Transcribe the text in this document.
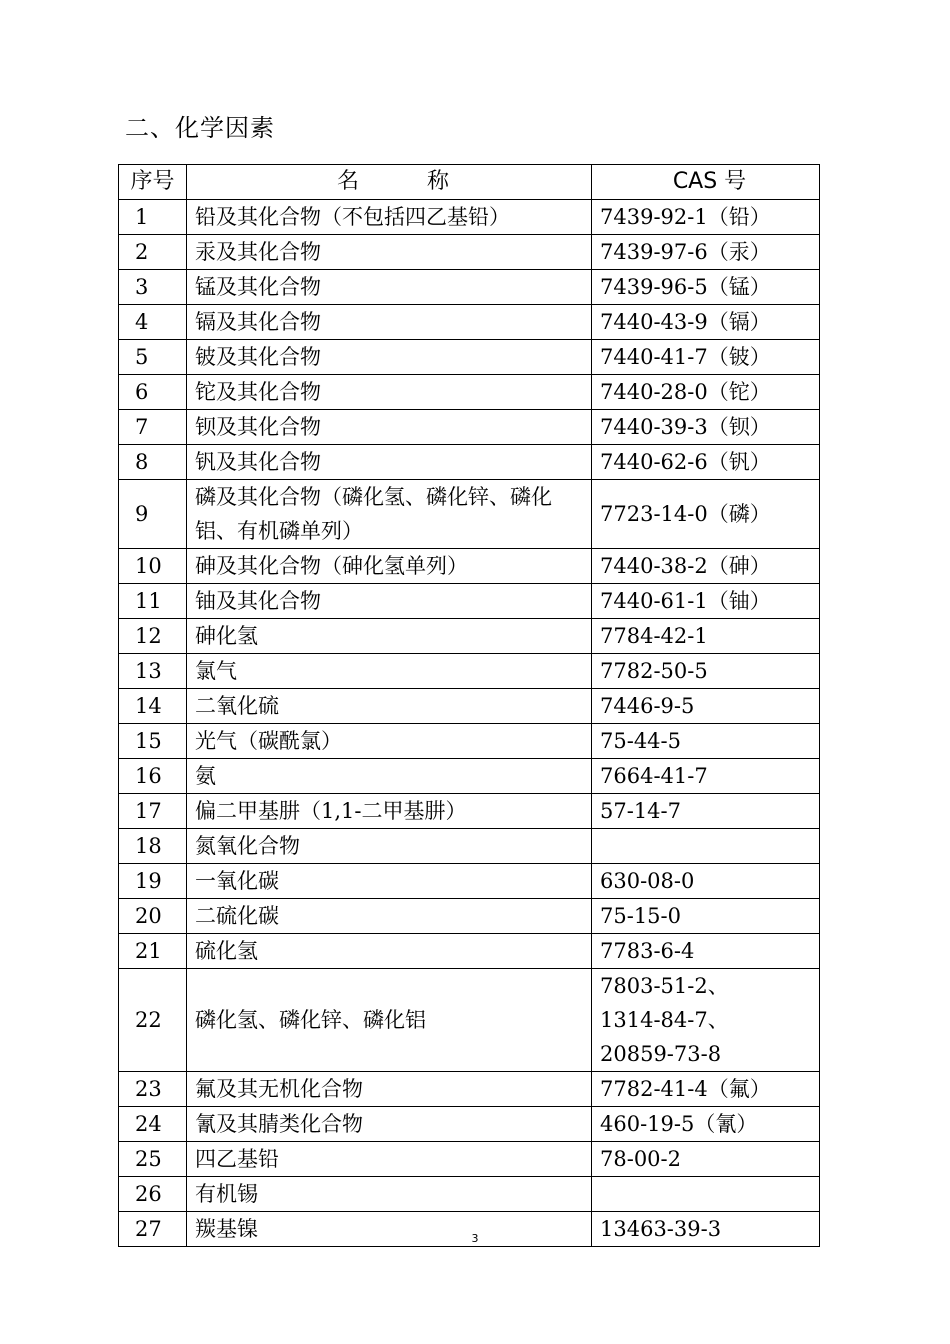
二、化学因素
序号	名 称	CAS 号
1	铅及其化合物（不包括四乙基铅）	7439-92-1（铅）
2	汞及其化合物	7439-97-6（汞）
3	锰及其化合物	7439-96-5（锰）
4	镉及其化合物	7440-43-9（镉）
5	铍及其化合物	7440-41-7（铍）
6	铊及其化合物	7440-28-0（铊）
7	钡及其化合物	7440-39-3（钡）
8	钒及其化合物	7440-62-6（钒）
9	磷及其化合物（磷化氢、磷化锌、磷化铝、有机磷单列）	7723-14-0（磷）
10	砷及其化合物（砷化氢单列）	7440-38-2（砷）
11	铀及其化合物	7440-61-1（铀）
12	砷化氢	7784-42-1
13	氯气	7782-50-5
14	二氧化硫	7446-9-5
15	光气（碳酰氯）	75-44-5
16	氨	7664-41-7
17	偏二甲基肼（1,1-二甲基肼）	57-14-7
18	氮氧化合物	
19	一氧化碳	630-08-0
20	二硫化碳	75-15-0
21	硫化氢	7783-6-4
22	磷化氢、磷化锌、磷化铝	7803-51-2、
1314-84-7、
20859-73-8

23	氟及其无机化合物	7782-41-4（氟）
24	氰及其腈类化合物	460-19-5（氰）
25	四乙基铅	78-00-2
26	有机锡	
27	羰基镍	13463-39-3
3
